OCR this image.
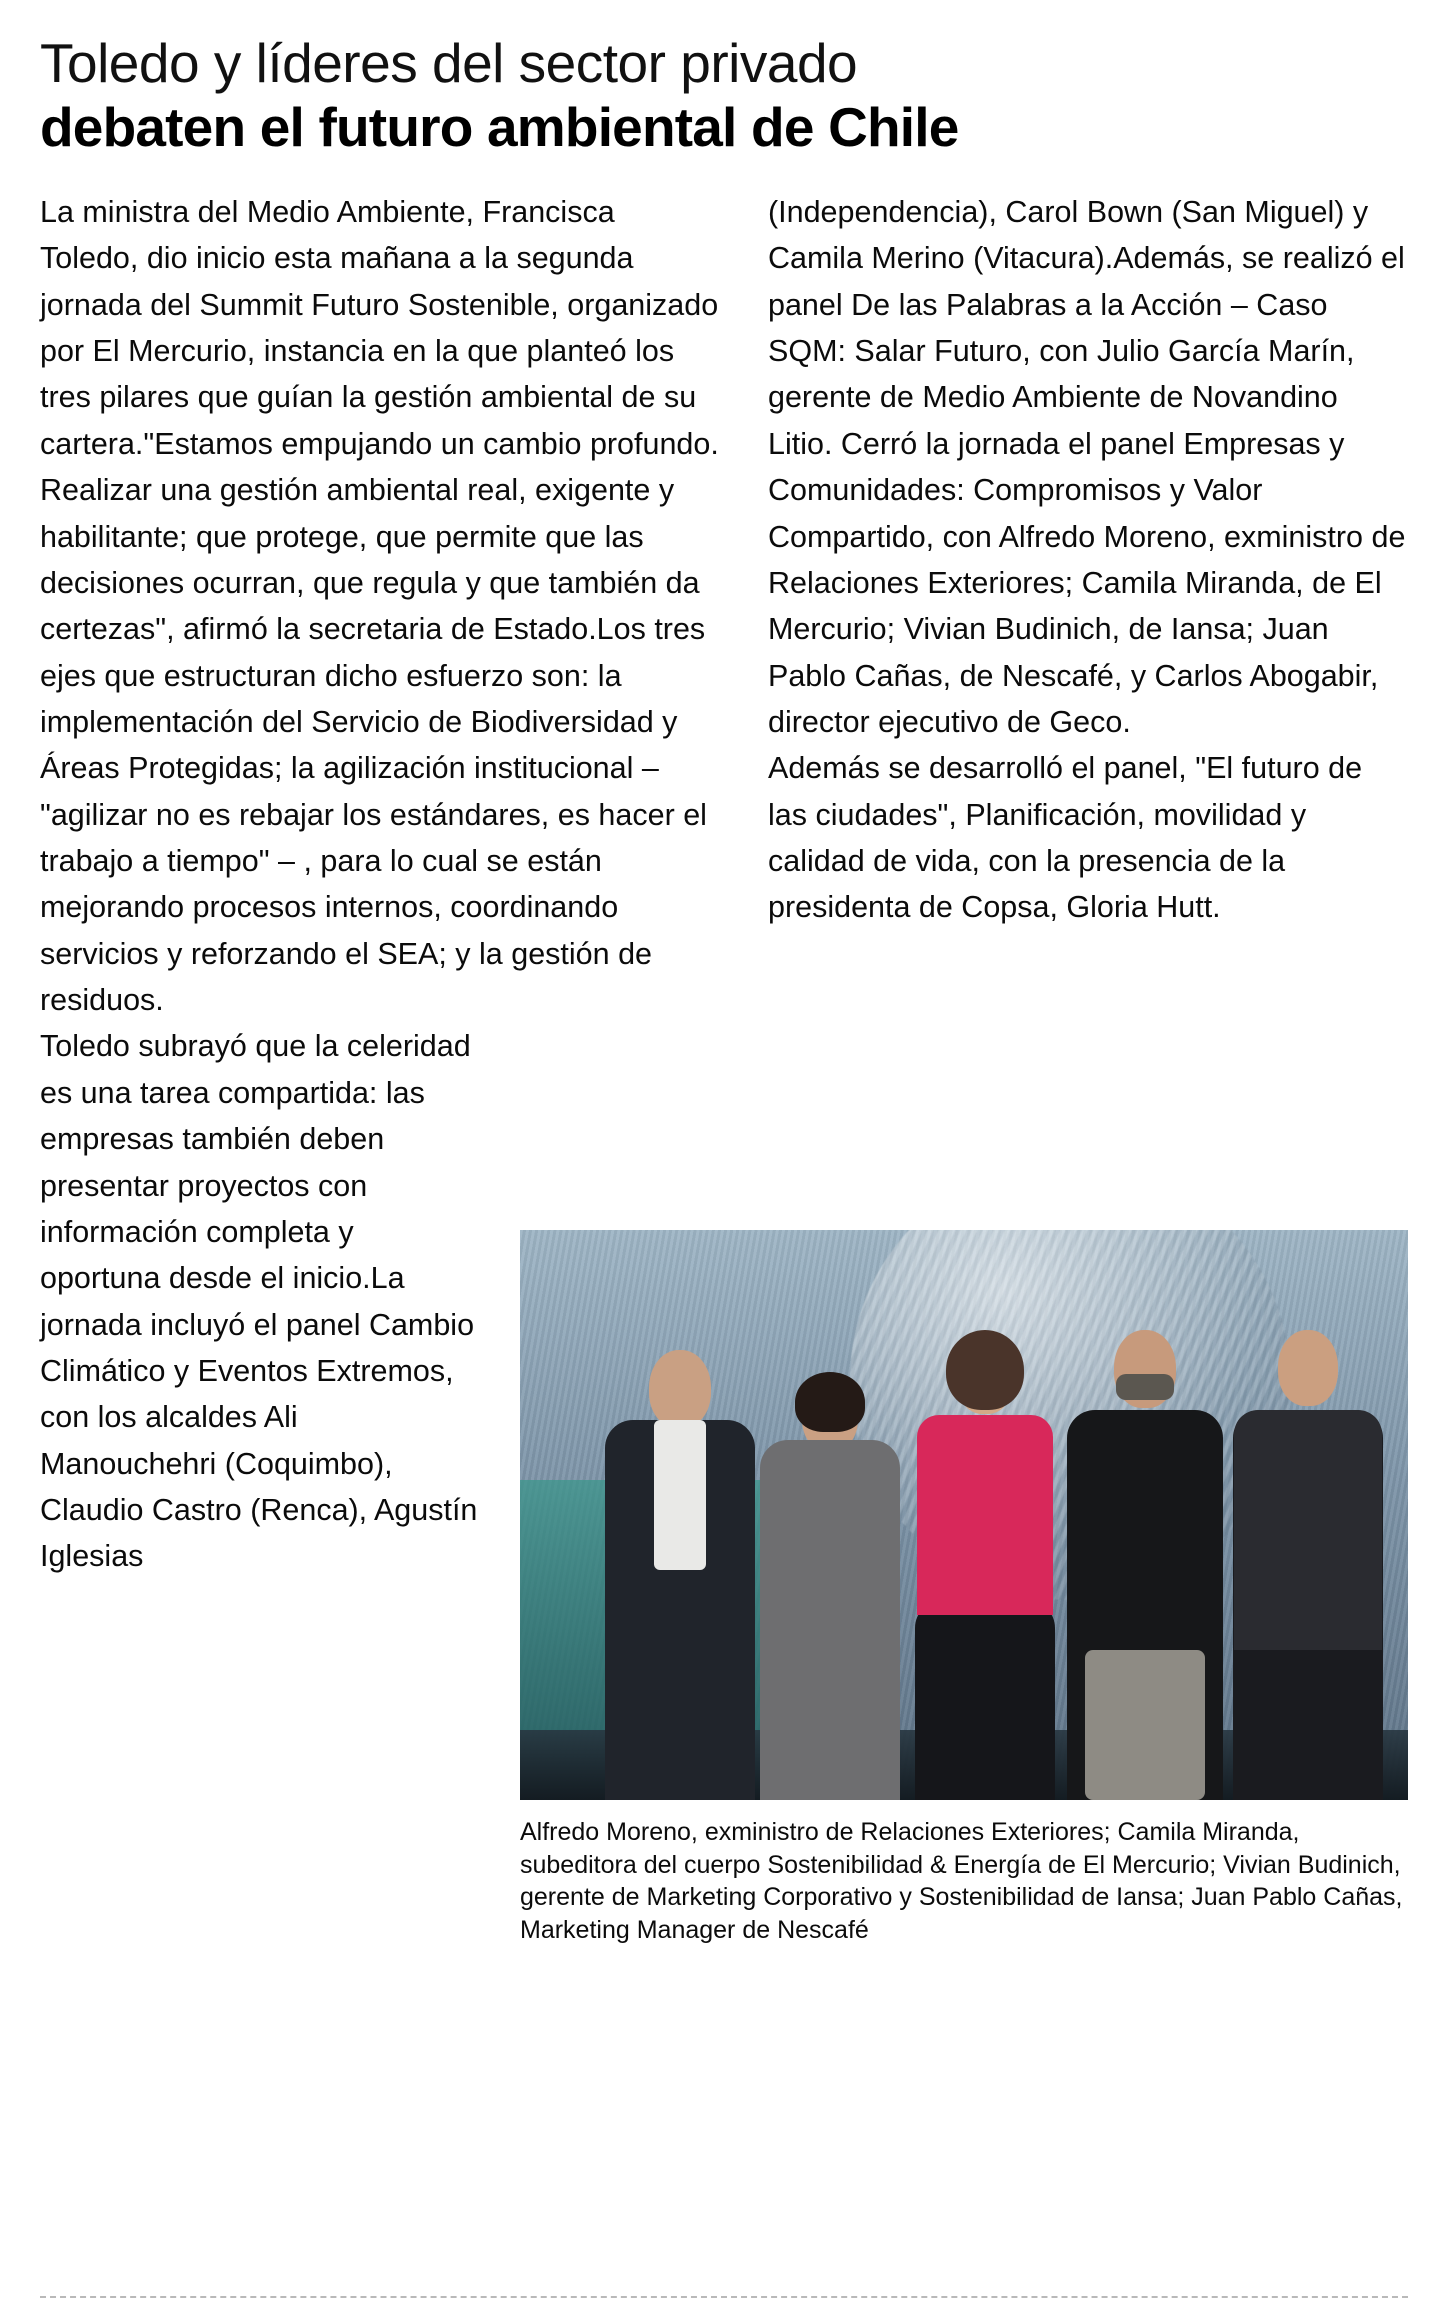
Toledo y líderes del sector privado
debaten el futuro ambiental de Chile

La ministra del Medio Ambiente, Francisca Toledo, dio inicio esta mañana a la segunda jornada del Summit Futuro Sostenible, organizado por El Mercurio, instancia en la que planteó los tres pilares que guían la gestión ambiental de su cartera."Estamos empujando un cambio profundo. Realizar una gestión ambiental real, exigente y habilitante; que protege, que permite que las decisiones ocurran, que regula y que también da certezas", afirmó la secretaria de Estado.Los tres ejes que estructuran dicho esfuerzo son: la implementación del Servicio de Biodiversidad y Áreas Protegidas; la agilización institucional – "agilizar no es rebajar los estándares, es hacer el trabajo a tiempo" – , para lo cual se están mejorando procesos internos, coordinando servicios y reforzando el SEA; y la gestión de residuos.

Toledo subrayó que la celeridad es una tarea compartida: las empresas también deben presentar proyectos con información completa y oportuna desde el inicio.La jornada incluyó el panel Cambio Climático y Eventos Extremos, con los alcaldes Ali Manouchehri (Coquimbo), Claudio Castro (Renca), Agustín Iglesias

(Independencia), Carol Bown (San Miguel) y Camila Merino (Vitacura).Además, se realizó el panel De las Palabras a la Acción – Caso SQM: Salar Futuro, con Julio García Marín, gerente de Medio Ambiente de Novandino Litio. Cerró la jornada el panel Empresas y Comunidades: Compromisos y Valor Compartido, con Alfredo Moreno, exministro de Relaciones Exteriores; Camila Miranda, de El Mercurio; Vivian Budinich, de Iansa; Juan Pablo Cañas, de Nescafé, y Carlos Abogabir, director ejecutivo de Geco.

Además se desarrolló el panel, "El futuro de las ciudades", Planificación, movilidad y calidad de vida, con la presencia de la presidenta de Copsa, Gloria Hutt.

Alfredo Moreno, exministro de Relaciones Exteriores; Camila Miranda, subeditora del cuerpo Sostenibilidad & Energía de El Mercurio; Vivian Budinich, gerente de Marketing Corporativo y Sostenibilidad de Iansa; Juan Pablo Cañas, Marketing Manager de Nescafé
